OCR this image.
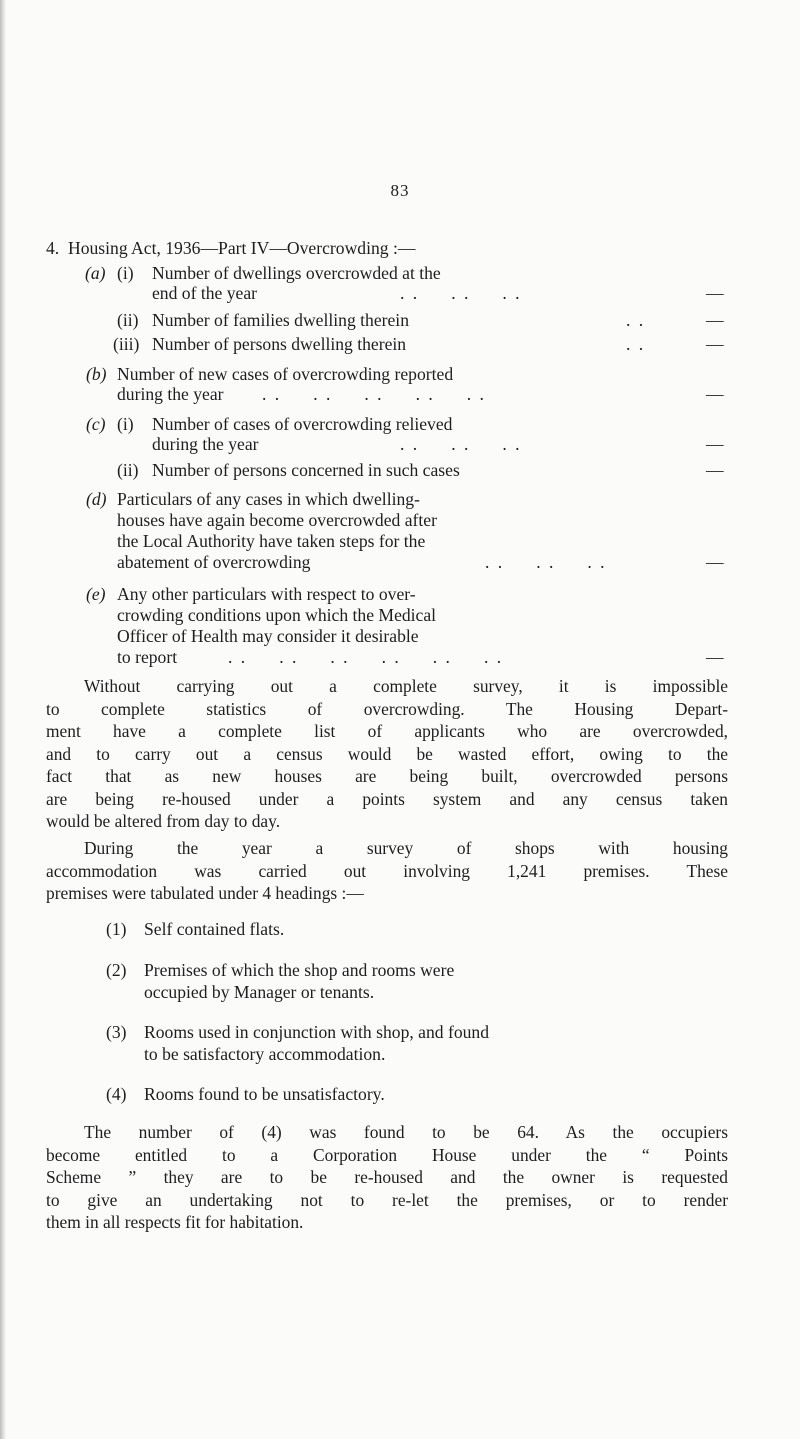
83
4. Housing Act, 1936—Part IV—Overcrowding :—
(a) (i) Number of dwellings overcrowded at the
end of the year	. .     . .     . .	—
(ii) Number of families dwelling therein	. .	—
(iii) Number of persons dwelling therein	. .	—
(b) Number of new cases of overcrowding reported
during the year . .     . .     . .     . .     . .	—
(c) (i) Number of cases of overcrowding relieved
during the year	. .     . .     . .	—
(ii) Number of persons concerned in such cases	—
(d) Particulars of any cases in which dwelling-
houses have again become overcrowded after
the Local Authority have taken steps for the
abatement of overcrowding	. .     . .     . .	—
(e) Any other particulars with respect to over-
crowding conditions upon which the Medical
Officer of Health may consider it desirable
to report	. .     . .     . .     . .     . .     . .	—
Without carrying out a complete survey, it is impossible
to complete statistics of overcrowding. The Housing Depart-
ment have a complete list of applicants who are overcrowded,
and to carry out a census would be wasted effort, owing to the
fact that as new houses are being built, overcrowded persons
are being re-housed under a points system and any census taken
would be altered from day to day.
During the year a survey of shops with housing
accommodation was carried out involving 1,241 premises. These
premises were tabulated under 4 headings :—
(1) Self contained flats.
(2) Premises of which the shop and rooms were
occupied by Manager or tenants.
(3) Rooms used in conjunction with shop, and found
to be satisfactory accommodation.
(4) Rooms found to be unsatisfactory.
The number of (4) was found to be 64. As the occupiers
become entitled to a Corporation House under the “ Points
Scheme ” they are to be re-housed and the owner is requested
to give an undertaking not to re-let the premises, or to render
them in all respects fit for habitation.
